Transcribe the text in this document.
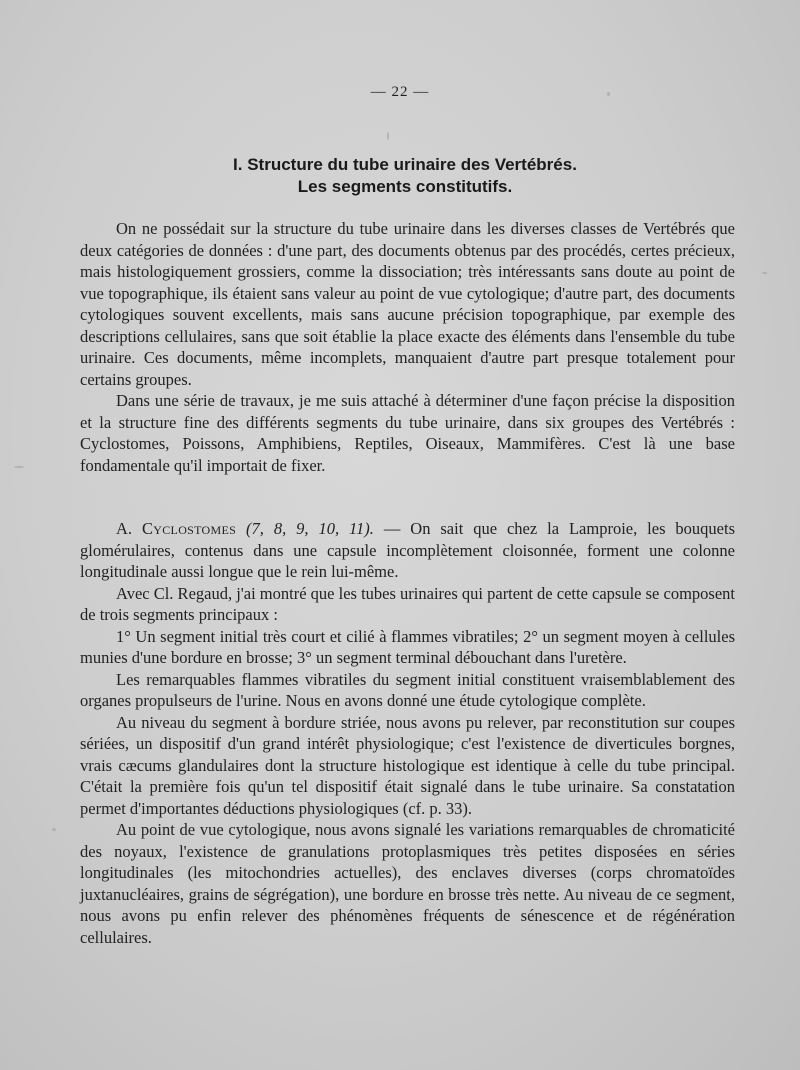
— 22 —
I. Structure du tube urinaire des Vertébrés.
Les segments constitutifs.

On ne possédait sur la structure du tube urinaire dans les diverses classes de Vertébrés que deux catégories de données : d'une part, des documents obtenus par des procédés, certes précieux, mais histologiquement grossiers, comme la dissociation; très intéressants sans doute au point de vue topographique, ils étaient sans valeur au point de vue cytologique; d'autre part, des documents cytologiques souvent excellents, mais sans aucune précision topographique, par exemple des descriptions cellulaires, sans que soit établie la place exacte des éléments dans l'ensemble du tube urinaire. Ces documents, même incomplets, manquaient d'autre part presque totalement pour certains groupes.

Dans une série de travaux, je me suis attaché à déterminer d'une façon précise la disposition et la structure fine des différents segments du tube urinaire, dans six groupes des Vertébrés : Cyclostomes, Poissons, Amphibiens, Reptiles, Oiseaux, Mammifères. C'est là une base fondamentale qu'il importait de fixer.

A. Cyclostomes (7, 8, 9, 10, 11). — On sait que chez la Lamproie, les bouquets glomérulaires, contenus dans une capsule incomplètement cloisonnée, forment une colonne longitudinale aussi longue que le rein lui-même.

Avec Cl. Regaud, j'ai montré que les tubes urinaires qui partent de cette capsule se composent de trois segments principaux :

1° Un segment initial très court et cilié à flammes vibratiles; 2° un segment moyen à cellules munies d'une bordure en brosse; 3° un segment terminal débouchant dans l'uretère.

Les remarquables flammes vibratiles du segment initial constituent vraisemblablement des organes propulseurs de l'urine. Nous en avons donné une étude cytologique complète.

Au niveau du segment à bordure striée, nous avons pu relever, par reconstitution sur coupes sériées, un dispositif d'un grand intérêt physiologique; c'est l'existence de diverticules borgnes, vrais cæcums glandulaires dont la structure histologique est identique à celle du tube principal. C'était la première fois qu'un tel dispositif était signalé dans le tube urinaire. Sa constatation permet d'importantes déductions physiologiques (cf. p. 33).

Au point de vue cytologique, nous avons signalé les variations remarquables de chromaticité des noyaux, l'existence de granulations protoplasmiques très petites disposées en séries longitudinales (les mitochondries actuelles), des enclaves diverses (corps chromatoïdes juxtanucléaires, grains de ségrégation), une bordure en brosse très nette. Au niveau de ce segment, nous avons pu enfin relever des phénomènes fréquents de sénescence et de régénération cellulaires.
